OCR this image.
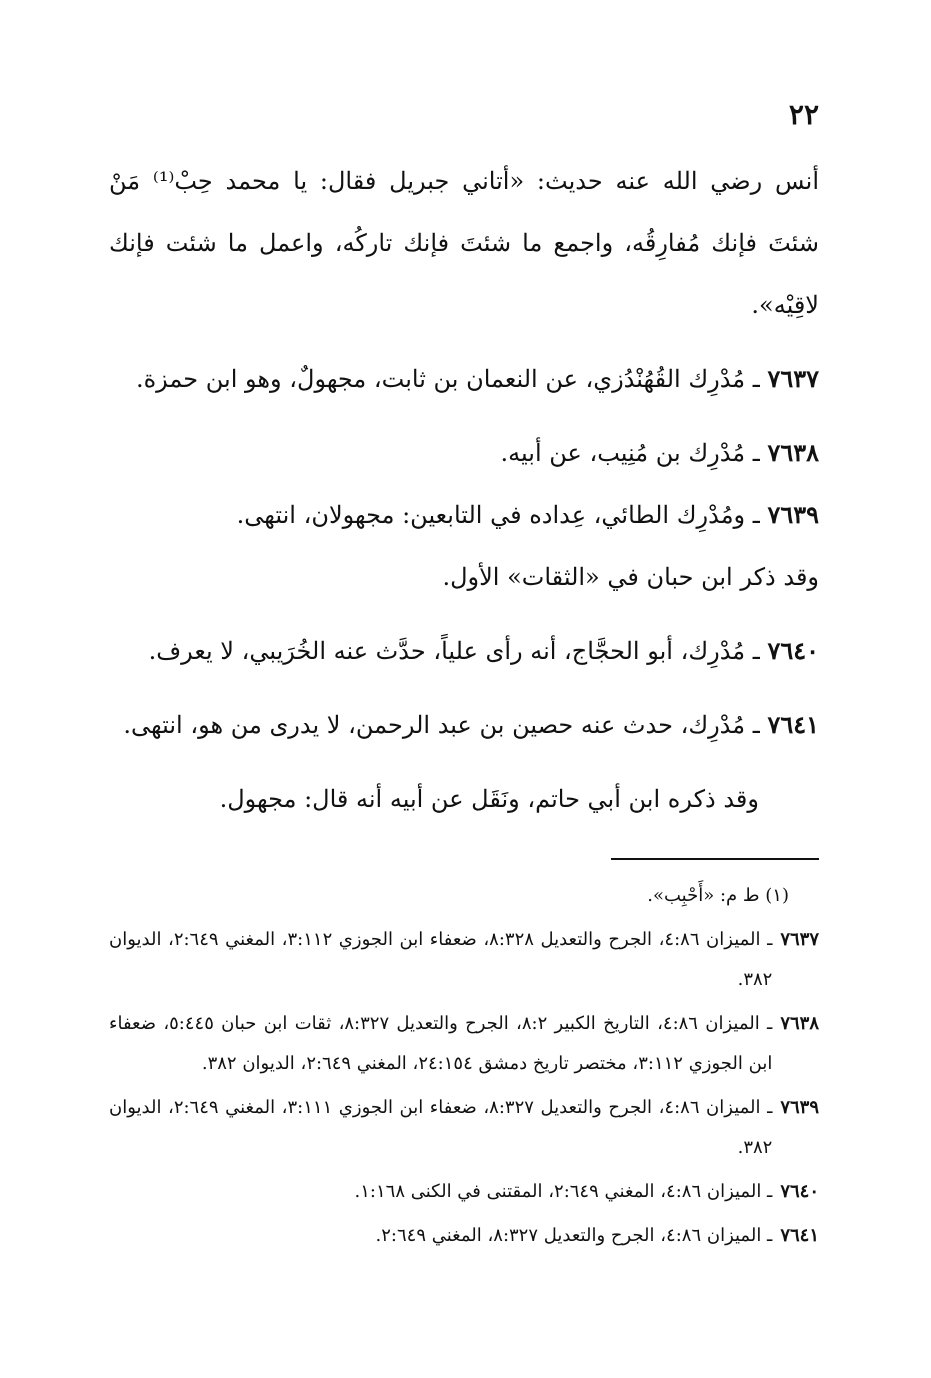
٢٢

أنس رضي الله عنه حديث: «أتاني جبريل فقال: يا محمد حِبْ⁽¹⁾ مَنْ شئتَ فإنك مُفارِقُه، واجمع ما شئتَ فإنك تاركُه، واعمل ما شئت فإنك لاقِيْه».

٧٦٣٧ ـ مُدْرِك القُهُنْدُزي، عن النعمان بن ثابت، مجهولٌ، وهو ابن حمزة.

٧٦٣٨ ـ مُدْرِك بن مُنِيب، عن أبيه.

٧٦٣٩ ـ ومُدْرِك الطائي، عِداده في التابعين: مجهولان، انتهى.

وقد ذكر ابن حبان في «الثقات» الأول.

٧٦٤٠ ـ مُدْرِك، أبو الحجَّاج، أنه رأى علياً، حدَّث عنه الخُرَيبي، لا يعرف.

٧٦٤١ ـ مُدْرِك، حدث عنه حصين بن عبد الرحمن، لا يدرى من هو، انتهى.

وقد ذكره ابن أبي حاتم، ونَقَل عن أبيه أنه قال: مجهول.

(١) ط م: «أَحْبِب».
٧٦٣٧
ـ الميزان ٤:٨٦، الجرح والتعديل ٨:٣٢٨، ضعفاء ابن الجوزي ٣:١١٢، المغني ٢:٦٤٩، الديوان ٣٨٢.
٧٦٣٨
ـ الميزان ٤:٨٦، التاريخ الكبير ٨:٢، الجرح والتعديل ٨:٣٢٧، ثقات ابن حبان ٥:٤٤٥، ضعفاء ابن الجوزي ٣:١١٢، مختصر تاريخ دمشق ٢٤:١٥٤، المغني ٢:٦٤٩، الديوان ٣٨٢.
٧٦٣٩
ـ الميزان ٤:٨٦، الجرح والتعديل ٨:٣٢٧، ضعفاء ابن الجوزي ٣:١١١، المغني ٢:٦٤٩، الديوان ٣٨٢.
٧٦٤٠
ـ الميزان ٤:٨٦، المغني ٢:٦٤٩، المقتنى في الكنى ١:١٦٨.
٧٦٤١
ـ الميزان ٤:٨٦، الجرح والتعديل ٨:٣٢٧، المغني ٢:٦٤٩.
